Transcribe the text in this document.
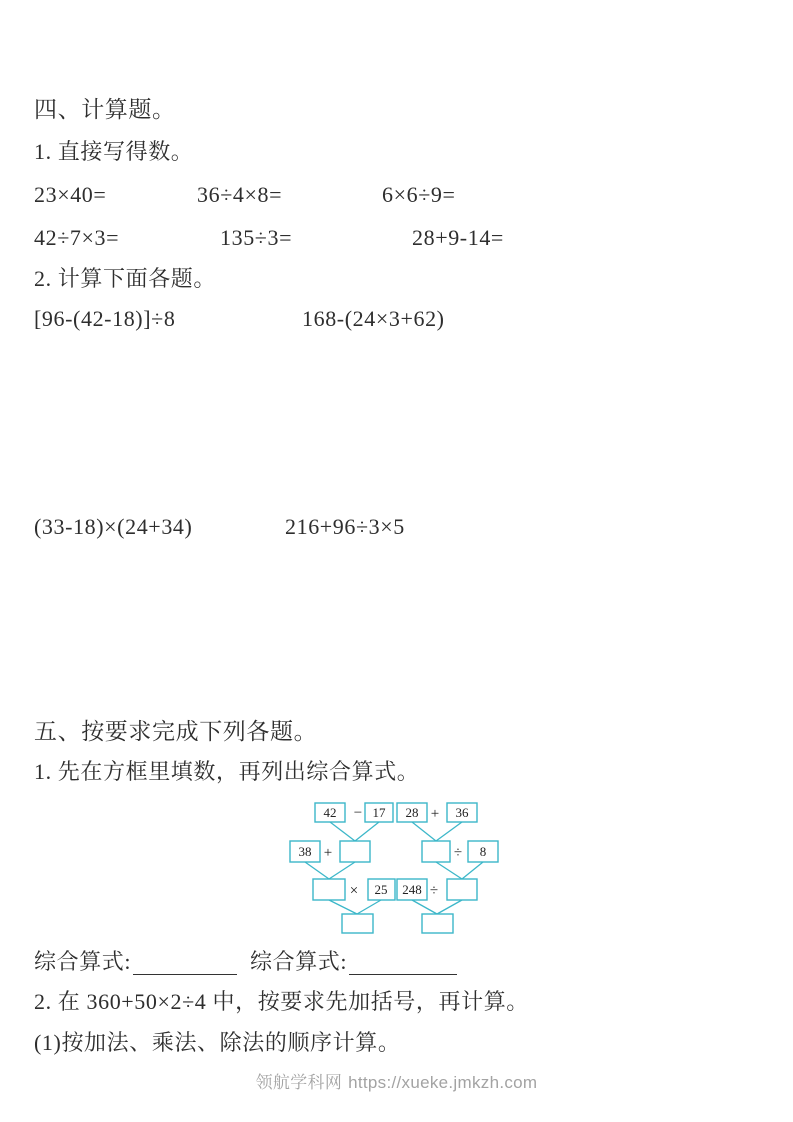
四、计算题。
1. 直接写得数。
23×40=	36÷4×8=	6×6÷9=
42÷7×3=	135÷3=	28+9-14=
2. 计算下面各题。
[96-(42-18)]÷8	168-(24×3+62)
(33-18)×(24+34)	216+96÷3×5
五、按要求完成下列各题。
1. 先在方框里填数，再列出综合算式。
42 − 17 28 + 36
38 +	÷ 8
× 25 248 ÷
综合算式:	综合算式:
2. 在 360+50×2÷4 中，按要求先加括号，再计算。
(1)按加法、乘法、除法的顺序计算。
领航学科网 https://xueke.jmkzh.com
